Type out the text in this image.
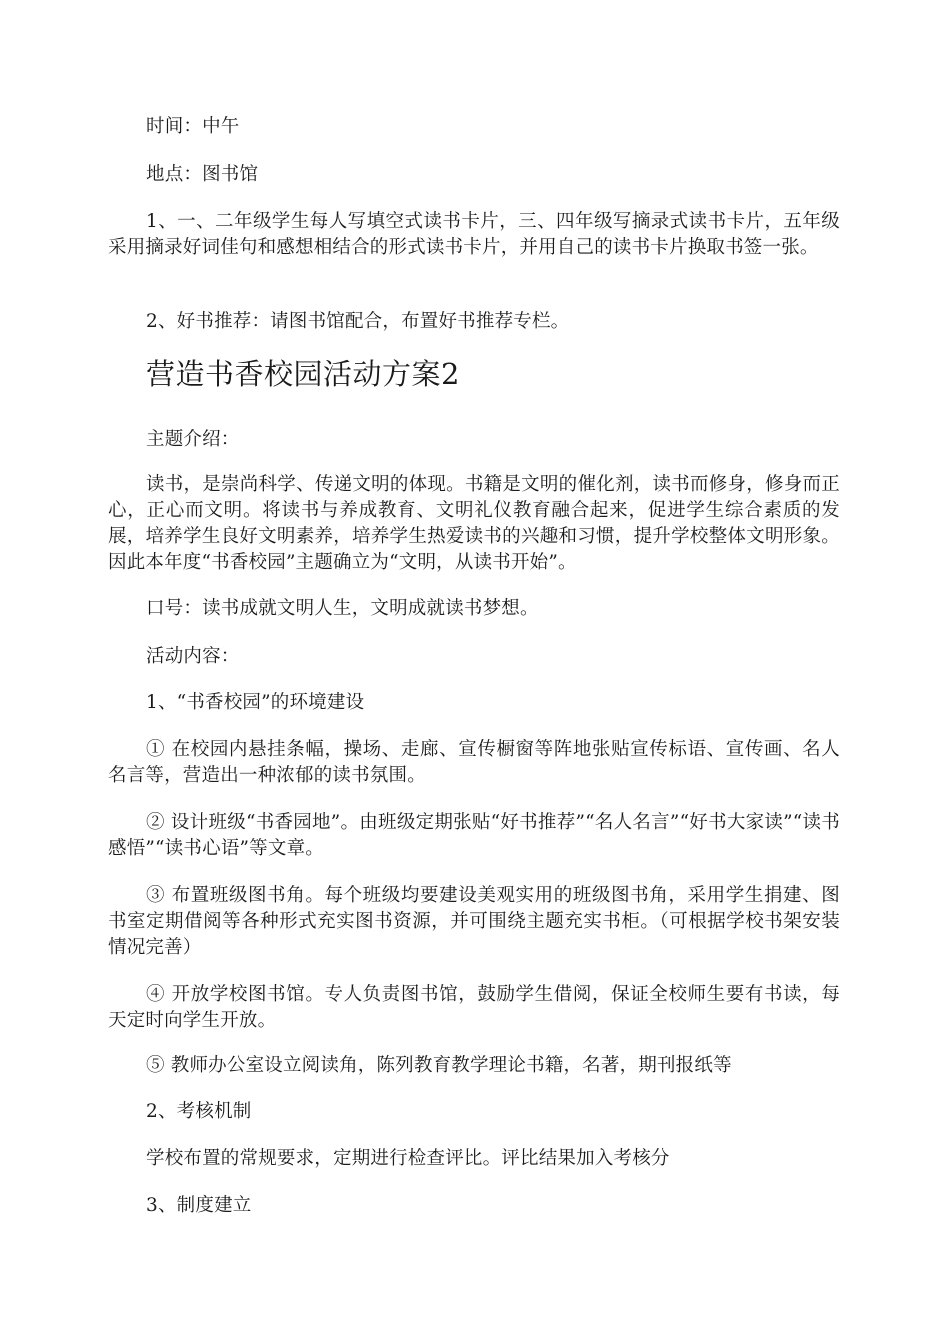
时间：中午

地点：图书馆

1、一、二年级学生每人写填空式读书卡片，三、四年级写摘录式读书卡片，五年级采用摘录好词佳句和感想相结合的形式读书卡片，并用自己的读书卡片换取书签一张。

2、好书推荐：请图书馆配合，布置好书推荐专栏。

营造书香校园活动方案2

主题介绍：

读书，是崇尚科学、传递文明的体现。书籍是文明的催化剂，读书而修身，修身而正心，正心而文明。将读书与养成教育、文明礼仪教育融合起来，促进学生综合素质的发展，培养学生良好文明素养，培养学生热爱读书的兴趣和习惯，提升学校整体文明形象。因此本年度“书香校园”主题确立为“文明，从读书开始”。

口号：读书成就文明人生，文明成就读书梦想。

活动内容：

1、“书香校园”的环境建设

① 在校园内悬挂条幅，操场、走廊、宣传橱窗等阵地张贴宣传标语、宣传画、名人名言等，营造出一种浓郁的读书氛围。

② 设计班级“书香园地”。由班级定期张贴“好书推荐”“名人名言”“好书大家读”“读书感悟”“读书心语”等文章。

③ 布置班级图书角。每个班级均要建设美观实用的班级图书角，采用学生捐建、图书室定期借阅等各种形式充实图书资源，并可围绕主题充实书柜。（可根据学校书架安装情况完善）

④ 开放学校图书馆。专人负责图书馆，鼓励学生借阅，保证全校师生要有书读，每天定时向学生开放。

⑤ 教师办公室设立阅读角，陈列教育教学理论书籍，名著，期刊报纸等

2、考核机制

学校布置的常规要求，定期进行检查评比。评比结果加入考核分

3、制度建立
